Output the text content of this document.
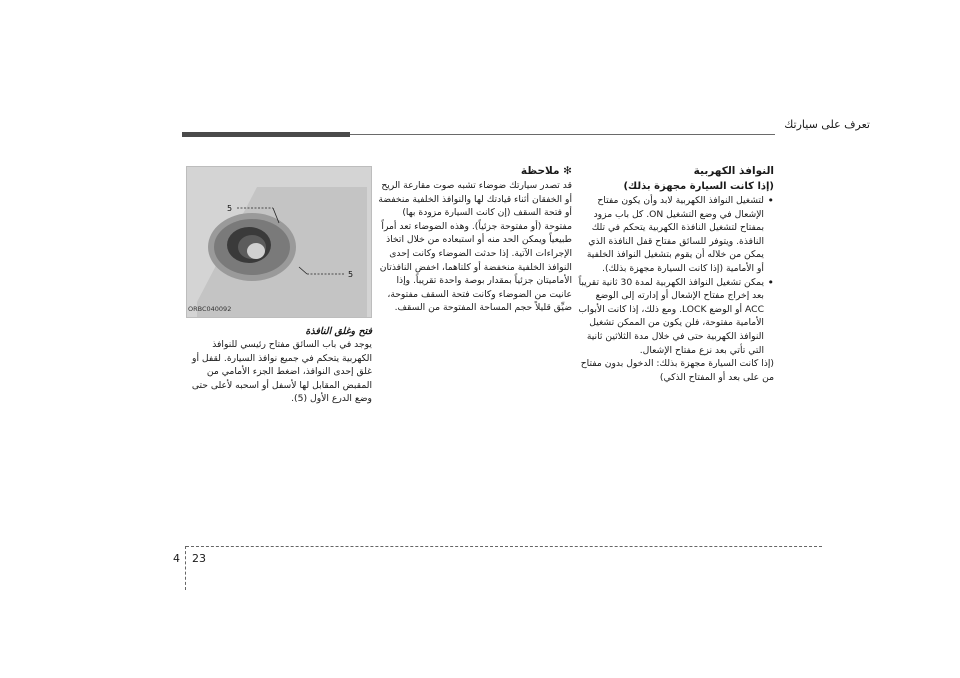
تعرف على سيارتك

النوافذ الكهربية

(إذا كانت السيارة مجهزة بذلك)

• لتشغيل النوافذ الكهربية لابد وأن يكون مفتاح الإشعال في وضع التشغيل ON. كل باب مزود بمفتاح لتشغيل النافذة الكهربية يتحكم في تلك النافذة. ويتوفر للسائق مفتاح قفل النافذة الذي يمكن من خلاله أن يقوم بتشغيل النوافذ الخلفية أو الأمامية (إذا كانت السيارة مجهزة بذلك).

• يمكن تشغيل النوافذ الكهربية لمدة 30 ثانية تقريباً بعد إخراج مفتاح الإشعال أو إدارته إلى الوضع ACC أو الوضع LOCK. ومع ذلك، إذا كانت الأبواب الأمامية مفتوحة، فلن يكون من الممكن تشغيل النوافذ الكهربية حتى في خلال مدة الثلاثين ثانية التي تأتي بعد نزع مفتاح الإشعال.

(إذا كانت السيارة مجهزة بذلك: الدخول بدون مفتاح من على بعد أو المفتاح الذكي)

✻ ملاحظة

قد تصدر سيارتك ضوضاء تشبه صوت مقارعة الريح أو الخفقان أثناء قيادتك لها والنوافذ الخلفية منخفضة أو فتحة السقف (إن كانت السيارة مزودة بها) مفتوحة (أو مفتوحة جزئياً). وهذه الضوضاء تعد أمراً طبيعياً ويمكن الحد منه أو استبعاده من خلال اتخاذ الإجراءات الآتية. إذا حدثت الضوضاء وكانت إحدى النوافذ الخلفية منخفضة أو كلتاهما، اخفض النافذتان الأماميتان جزئياً بمقدار بوصة واحدة تقريباً. وإذا عانيت من الضوضاء وكانت فتحة السقف مفتوحة، ضيِّق قليلاً حجم المساحة المفتوحة من السقف.

5
5
ORBC040092

فتح وغلق النافذة

يوجد في باب السائق مفتاح رئيسي للنوافذ الكهربية يتحكم في جميع نوافذ السيارة. لقفل أو غلق إحدى النوافذ، اضغط الجزء الأمامي من المقبض المقابل لها لأسفل أو اسحبه لأعلى حتى وضع الدرع الأول (5).

23
4
